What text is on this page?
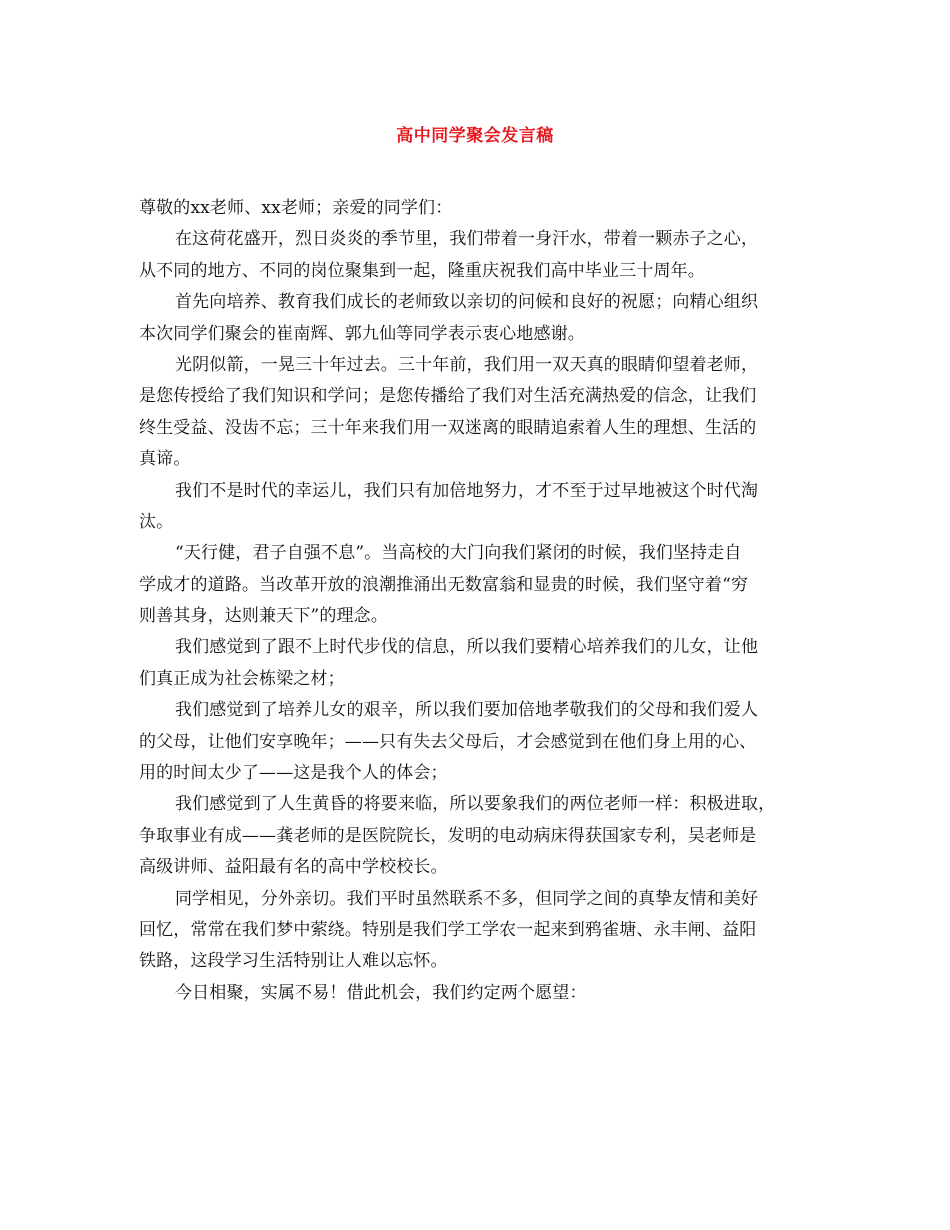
高中同学聚会发言稿
尊敬的xx老师、xx老师；亲爱的同学们：
在这荷花盛开，烈日炎炎的季节里，我们带着一身汗水，带着一颗赤子之心，
从不同的地方、不同的岗位聚集到一起，隆重庆祝我们高中毕业三十周年。
首先向培养、教育我们成长的老师致以亲切的问候和良好的祝愿；向精心组织
本次同学们聚会的崔南辉、郭九仙等同学表示衷心地感谢。
光阴似箭，一晃三十年过去。三十年前，我们用一双天真的眼睛仰望着老师，
是您传授给了我们知识和学问；是您传播给了我们对生活充满热爱的信念，让我们
终生受益、没齿不忘；三十年来我们用一双迷离的眼睛追索着人生的理想、生活的
真谛。
我们不是时代的幸运儿，我们只有加倍地努力，才不至于过早地被这个时代淘
汰。
“天行健，君子自强不息”。当高校的大门向我们紧闭的时候，我们坚持走自
学成才的道路。当改革开放的浪潮推涌出无数富翁和显贵的时候，我们坚守着“穷
则善其身，达则兼天下”的理念。
我们感觉到了跟不上时代步伐的信息，所以我们要精心培养我们的儿女，让他
们真正成为社会栋梁之材；
我们感觉到了培养儿女的艰辛，所以我们要加倍地孝敬我们的父母和我们爱人
的父母，让他们安享晚年；——只有失去父母后，才会感觉到在他们身上用的心、
用的时间太少了——这是我个人的体会；
我们感觉到了人生黄昏的将要来临，所以要象我们的两位老师一样：积极进取，
争取事业有成——龚老师的是医院院长，发明的电动病床得获国家专利，吴老师是
高级讲师、益阳最有名的高中学校校长。
同学相见，分外亲切。我们平时虽然联系不多，但同学之间的真挚友情和美好
回忆，常常在我们梦中萦绕。特别是我们学工学农一起来到鸦雀塘、永丰闸、益阳
铁路，这段学习生活特别让人难以忘怀。
今日相聚，实属不易！借此机会，我们约定两个愿望：
